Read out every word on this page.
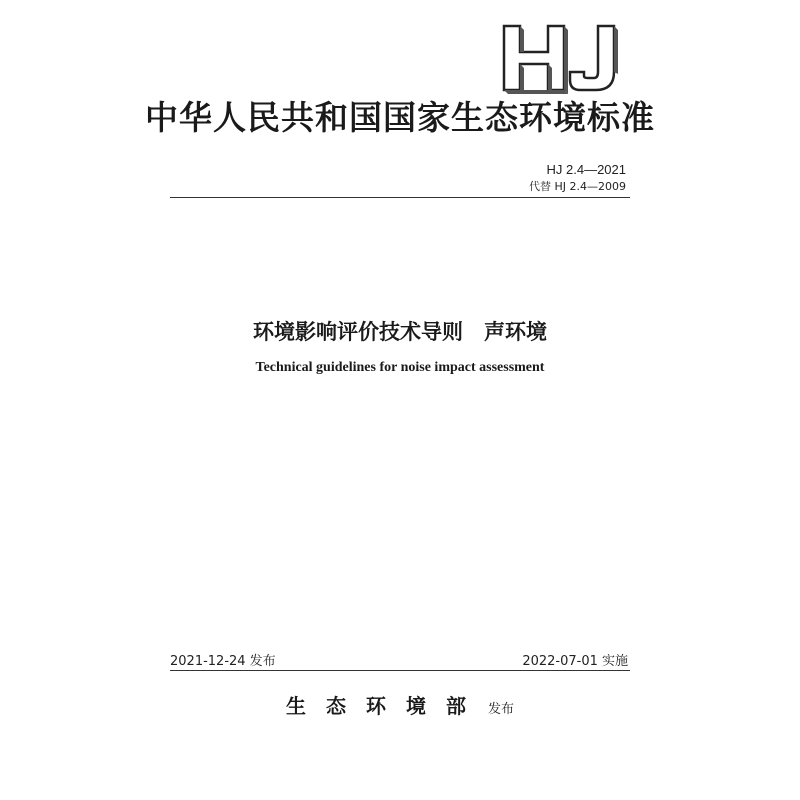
中华人民共和国国家生态环境标准
HJ 2.4—2021
代替 HJ 2.4—2009
环境影响评价技术导则　声环境
Technical guidelines for noise impact assessment
2021-12-24 发布	2022-07-01 实施
生态环境部 发布
